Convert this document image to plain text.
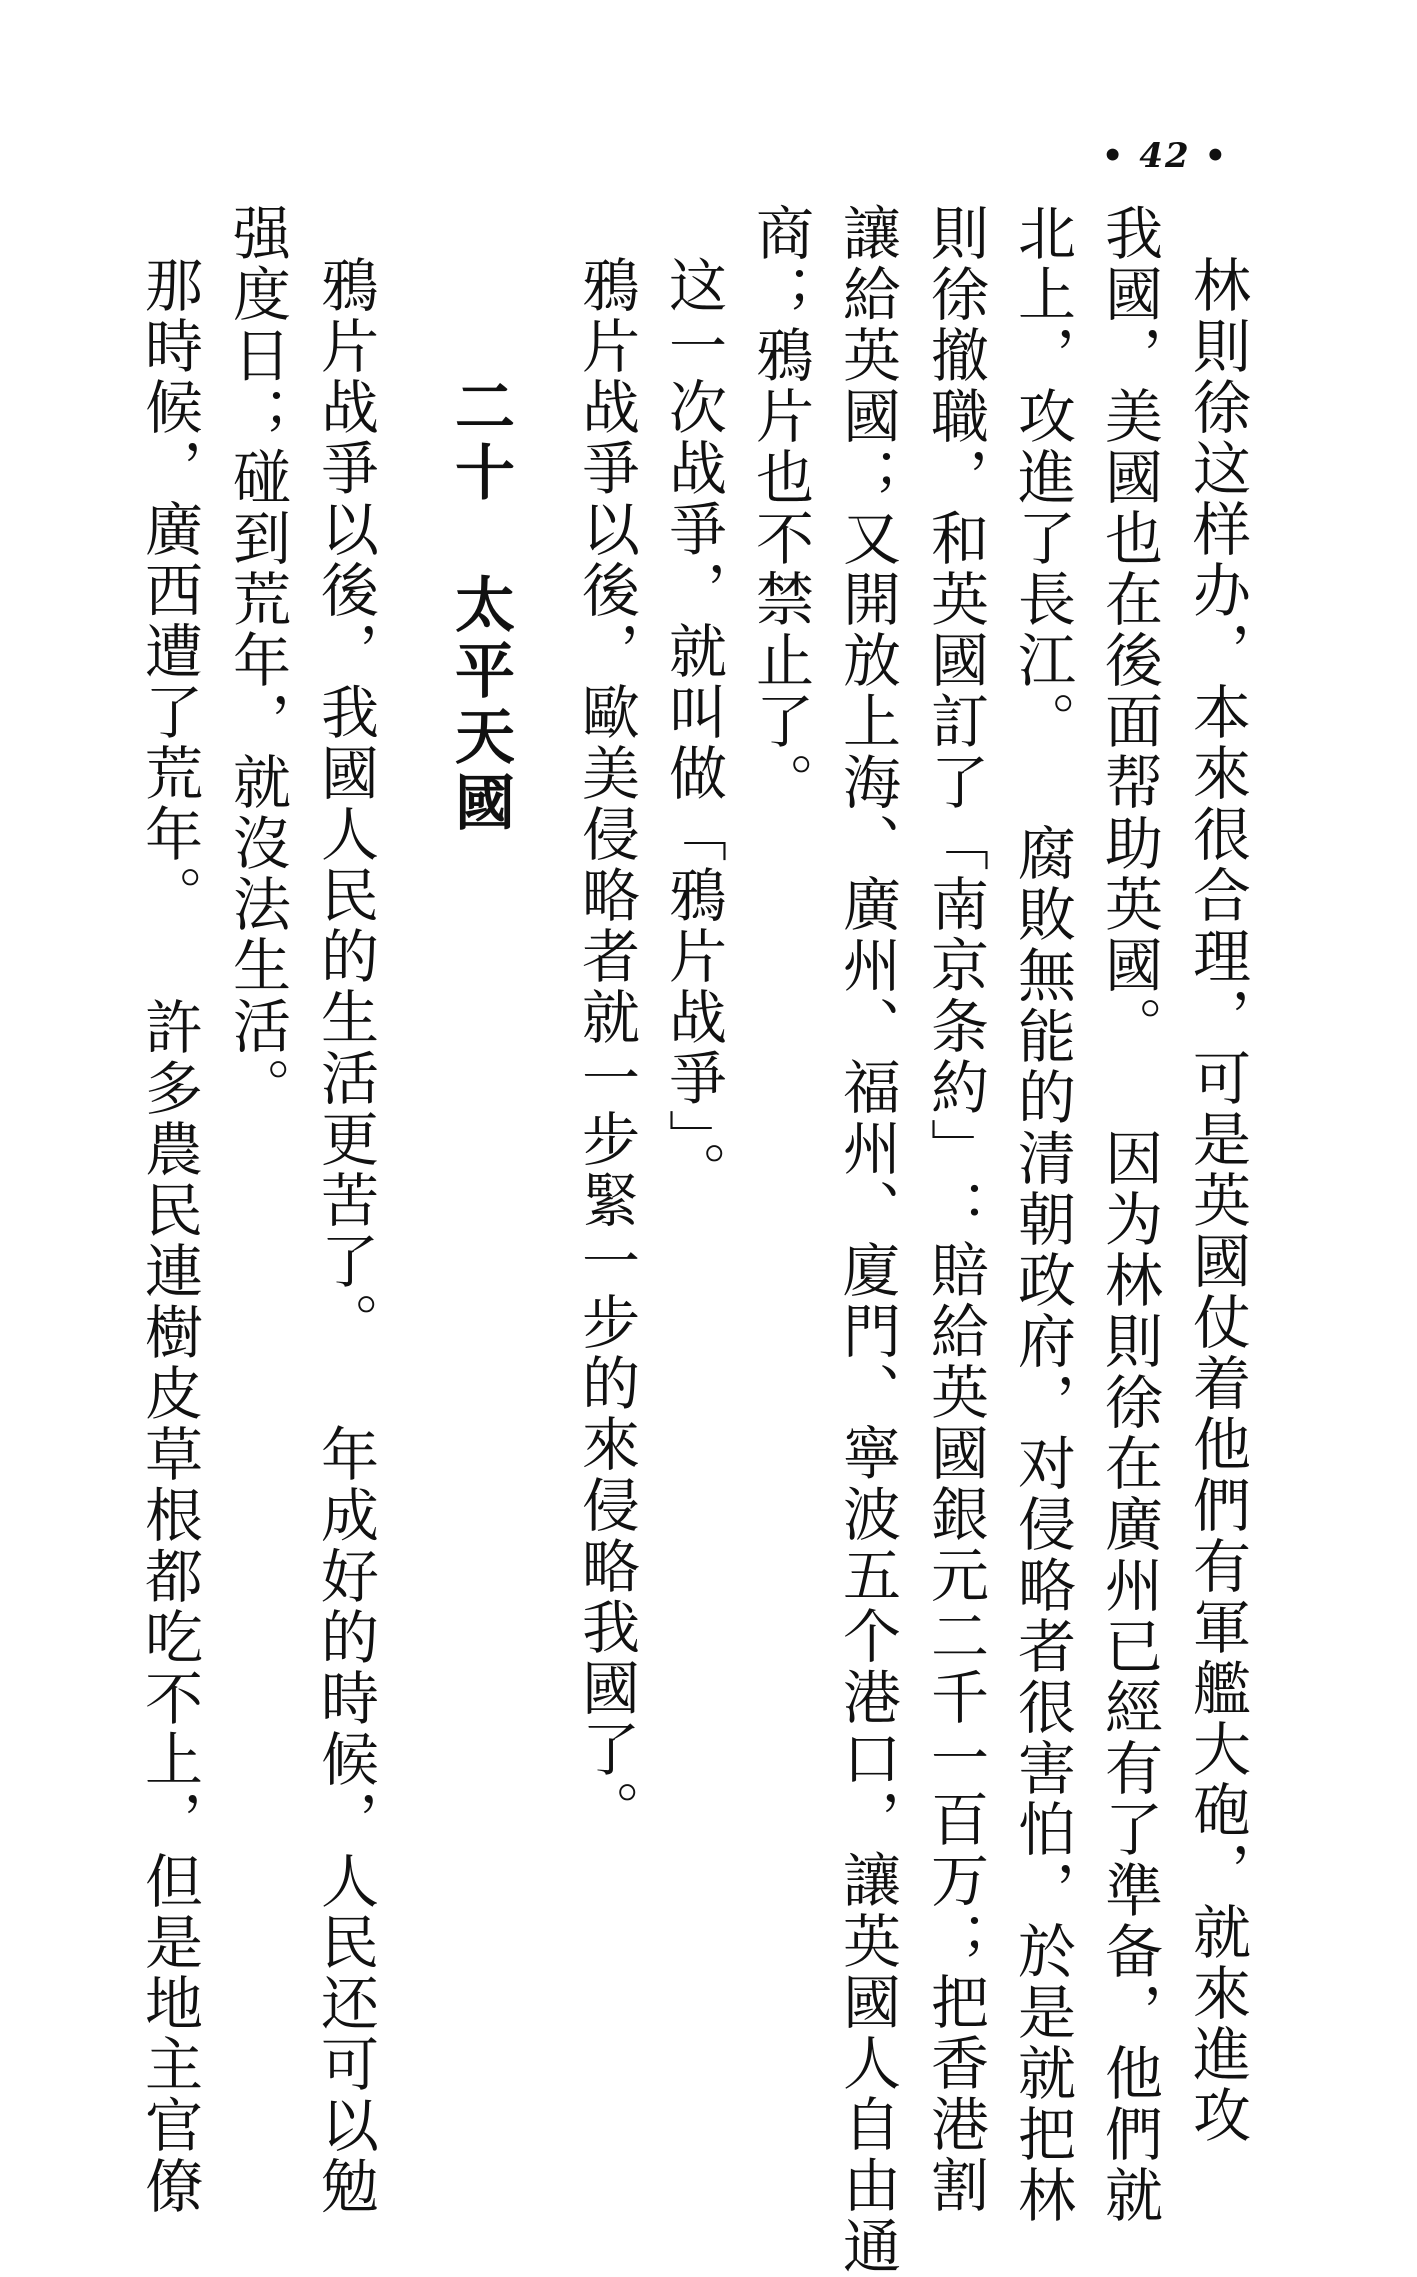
• 42 •
林則徐这样办，本來很合理，可是英國仗着他們有軍艦大砲，就來進攻
我國，美國也在後面帮助英國。 因为林則徐在廣州已經有了準备，他們就
北上，攻進了長江。 腐敗無能的清朝政府，对侵略者很害怕，於是就把林
則徐撤職，和英國訂了「南京条約」：賠給英國銀元二千一百万；把香港割
讓給英國；又開放上海、廣州、福州、廈門、寧波五个港口，讓英國人自由通
商；鴉片也不禁止了。
这一次战爭，就叫做「鴉片战爭」。
鴉片战爭以後，歐美侵略者就一步緊一步的來侵略我國了。
二十　太平天國
鴉片战爭以後，我國人民的生活更苦了。 年成好的時候，人民还可以勉
强度日；碰到荒年，就沒法生活。
那時候，廣西遭了荒年。 許多農民連樹皮草根都吃不上，但是地主官僚
